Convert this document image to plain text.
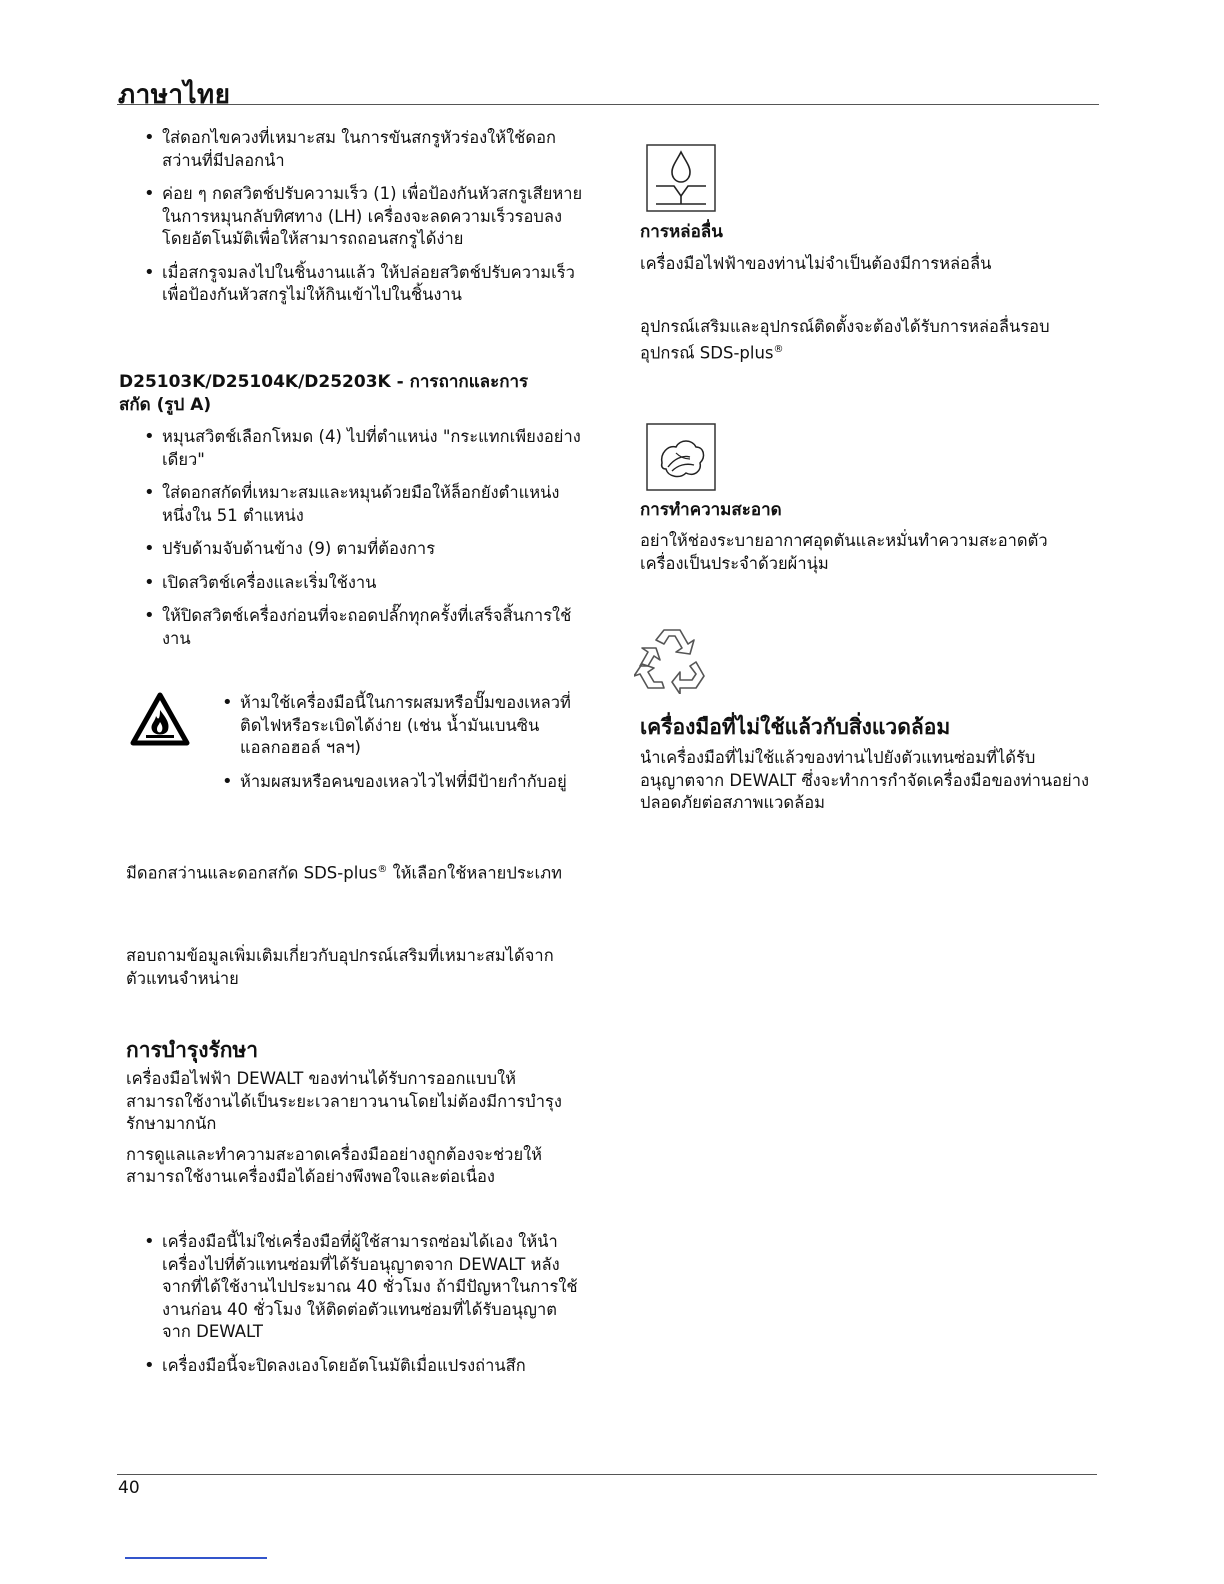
ภาษาไทย
• ใส่ดอกไขควงที่เหมาะสม ในการขันสกรูหัวร่องให้ใช้ดอกสว่านที่มีปลอกนำ
• ค่อย ๆ กดสวิตช์ปรับความเร็ว (1) เพื่อป้องกันหัวสกรูเสียหาย ในการหมุนกลับทิศทาง (LH) เครื่องจะลดความเร็วรอบลงโดยอัตโนมัติเพื่อให้สามารถถอนสกรูได้ง่าย
• เมื่อสกรูจมลงไปในชิ้นงานแล้ว ให้ปล่อยสวิตช์ปรับความเร็วเพื่อป้องกันหัวสกรูไม่ให้กินเข้าไปในชิ้นงาน
D25103K/D25104K/D25203K - การถากและการสกัด (รูป A)
• หมุนสวิตช์เลือกโหมด (4) ไปที่ตำแหน่ง "กระแทกเพียงอย่างเดียว"
• ใส่ดอกสกัดที่เหมาะสมและหมุนด้วยมือให้ล็อกยังตำแหน่งหนึ่งใน 51 ตำแหน่ง
• ปรับด้ามจับด้านข้าง (9) ตามที่ต้องการ
• เปิดสวิตช์เครื่องและเริ่มใช้งาน
• ให้ปิดสวิตช์เครื่องก่อนที่จะถอดปลั๊กทุกครั้งที่เสร็จสิ้นการใช้งาน
• ห้ามใช้เครื่องมือนี้ในการผสมหรือปั๊มของเหลวที่ติดไฟหรือระเบิดได้ง่าย (เช่น น้ำมันเบนซิน แอลกอฮอล์ ฯลฯ)
• ห้ามผสมหรือคนของเหลวไวไฟที่มีป้ายกำกับอยู่
มีดอกสว่านและดอกสกัด SDS-plus® ให้เลือกใช้หลายประเภท
สอบถามข้อมูลเพิ่มเติมเกี่ยวกับอุปกรณ์เสริมที่เหมาะสมได้จากตัวแทนจำหน่าย
การบำรุงรักษา

เครื่องมือไฟฟ้า DEWALT ของท่านได้รับการออกแบบให้สามารถใช้งานได้เป็นระยะเวลายาวนานโดยไม่ต้องมีการบำรุงรักษามากนัก

การดูแลและทำความสะอาดเครื่องมืออย่างถูกต้องจะช่วยให้สามารถใช้งานเครื่องมือได้อย่างพึงพอใจและต่อเนื่อง

• เครื่องมือนี้ไม่ใช่เครื่องมือที่ผู้ใช้สามารถซ่อมได้เอง ให้นำเครื่องไปที่ตัวแทนซ่อมที่ได้รับอนุญาตจาก DEWALT หลังจากที่ได้ใช้งานไปประมาณ 40 ชั่วโมง ถ้ามีปัญหาในการใช้งานก่อน 40 ชั่วโมง ให้ติดต่อตัวแทนซ่อมที่ได้รับอนุญาตจาก DEWALT
• เครื่องมือนี้จะปิดลงเองโดยอัตโนมัติเมื่อแปรงถ่านสึก
การหล่อลื่น
เครื่องมือไฟฟ้าของท่านไม่จำเป็นต้องมีการหล่อลื่น
อุปกรณ์เสริมและอุปกรณ์ติดตั้งจะต้องได้รับการหล่อลื่นรอบอุปกรณ์ SDS-plus®
การทำความสะอาด
อย่าให้ช่องระบายอากาศอุดตันและหมั่นทำความสะอาดตัวเครื่องเป็นประจำด้วยผ้านุ่ม
เครื่องมือที่ไม่ใช้แล้วกับสิ่งแวดล้อม
นำเครื่องมือที่ไม่ใช้แล้วของท่านไปยังตัวแทนซ่อมที่ได้รับอนุญาตจาก DEWALT ซึ่งจะทำการกำจัดเครื่องมือของท่านอย่างปลอดภัยต่อสภาพแวดล้อม
40
